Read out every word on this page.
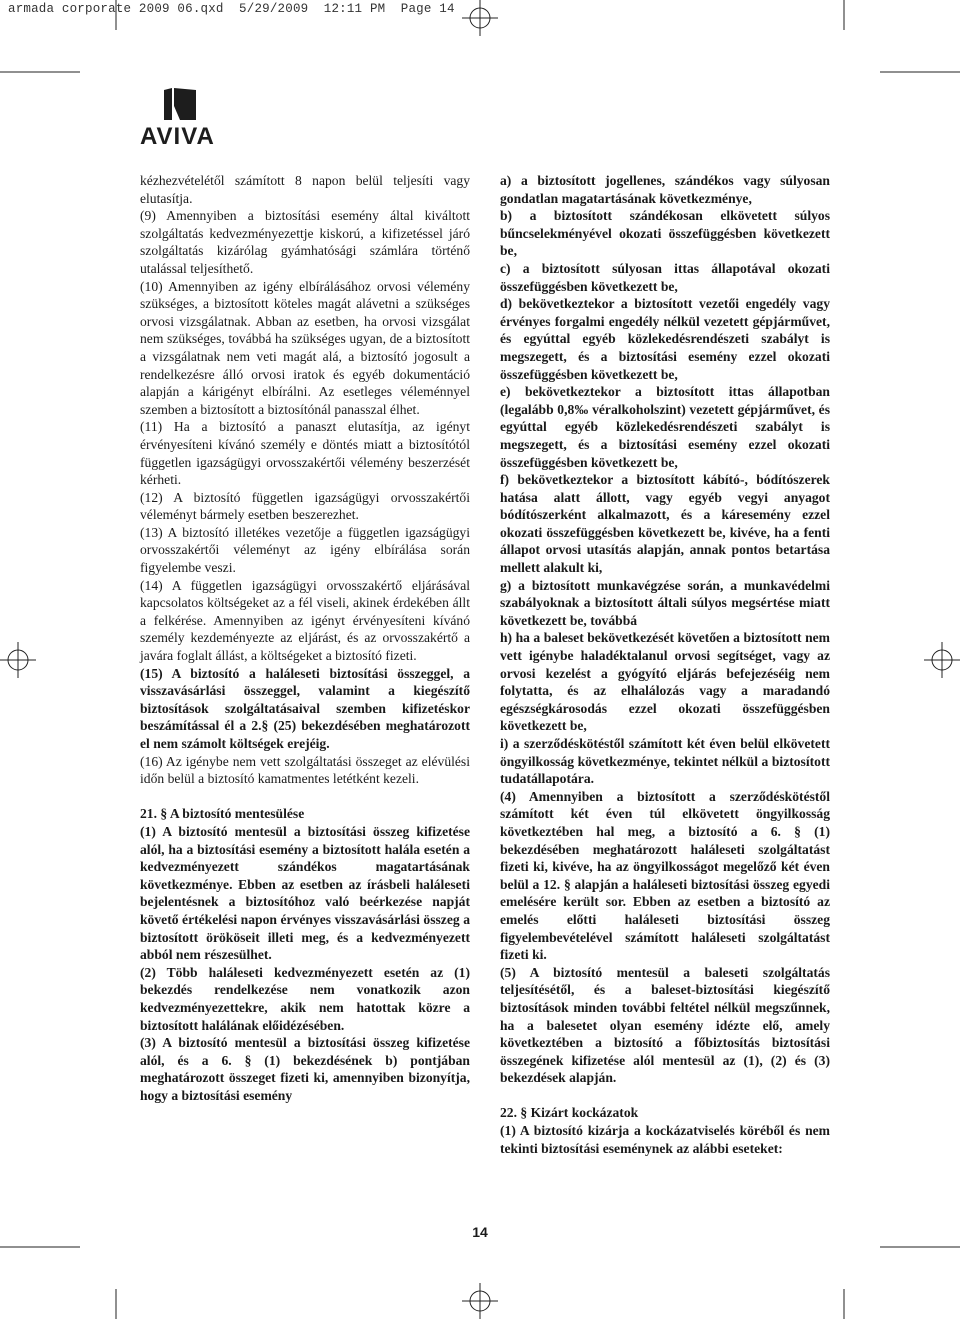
armada corporate 2009 06.qxd  5/29/2009  12:11 PM  Page 14
AVIVA

kézhezvételétől számított 8 napon belül teljesíti vagy elutasítja.

(9) Amennyiben a biztosítási esemény által kiváltott szolgáltatás kedvezményezettje kiskorú, a kifizetéssel járó szolgáltatás kizárólag gyámhatósági számlára történő utalással teljesíthető.

(10) Amennyiben az igény elbírálásához orvosi vélemény szükséges, a biztosított köteles magát alávetni a szükséges orvosi vizsgálatnak. Abban az esetben, ha orvosi vizsgálat nem szükséges, továbbá ha szükséges ugyan, de a biztosított a vizsgálatnak nem veti magát alá, a biztosító jogosult a rendelkezésre álló orvosi iratok és egyéb dokumentáció alapján a kárigényt elbírálni. Az esetleges véleménnyel szemben a biztosított a biztosítónál panasszal élhet.

(11) Ha a biztosító a panaszt elutasítja, az igényt érvényesíteni kívánó személy e döntés miatt a biztosítótól független igazságügyi orvosszakértői vélemény beszerzését kérheti.

(12) A biztosító független igazságügyi orvosszakértői véleményt bármely esetben beszerezhet.

(13) A biztosító illetékes vezetője a független igazságügyi orvosszakértői véleményt az igény elbírálása során figyelembe veszi.

(14) A független igazságügyi orvosszakértő eljárásával kapcsolatos költségeket az a fél viseli, akinek érdekében állt a felkérése. Amennyiben az igényt érvényesíteni kívánó személy kezdeményezte az eljárást, és az orvosszakértő a javára foglalt állást, a költségeket a biztosító fizeti.

(15) A biztosító a haláleseti biztosítási összeggel, a visszavásárlási összeggel, valamint a kiegészítő biztosítások szolgáltatásaival szemben kifizetéskor beszámítással él a 2.§ (25) bekezdésében meghatározott el nem számolt költségek erejéig.

(16) Az igénybe nem vett szolgáltatási összeget az elévülési időn belül a biztosító kamatmentes letétként kezeli.

21. § A biztosító mentesülése

(1) A biztosító mentesül a biztosítási összeg kifizetése alól, ha a biztosítási esemény a biztosított halála esetén a kedvezményezett szándékos magatartásának következménye. Ebben az esetben az írásbeli haláleseti bejelentésnek a biztosítóhoz való beérkezése napját követő értékelési napon érvényes visszavásárlási összeg a biztosított örököseit illeti meg, és a kedvezményezett abból nem részesülhet.

(2) Több haláleseti kedvezményezett esetén az (1) bekezdés rendelkezése nem vonatkozik azon kedvezményezettekre, akik nem hatottak közre a biztosított halálának előidézésében.

(3) A biztosító mentesül a biztosítási összeg kifizetése alól, és a 6. § (1) bekezdésének b) pontjában meghatározott összeget fizeti ki, amennyiben bizonyítja, hogy a biztosítási esemény

a) a biztosított jogellenes, szándékos vagy súlyosan gondatlan magatartásának következménye,

b) a biztosított szándékosan elkövetett súlyos bűncselekményével okozati összefüggésben következett be,

c) a biztosított súlyosan ittas állapotával okozati összefüggésben következett be,

d) bekövetkeztekor a biztosított vezetői engedély vagy érvényes forgalmi engedély nélkül vezetett gépjárművet, és egyúttal egyéb közlekedésrendészeti szabályt is megszegett, és a biztosítási esemény ezzel okozati összefüggésben következett be,

e) bekövetkeztekor a biztosított ittas állapotban (legalább 0,8‰ véralkoholszint) vezetett gépjárművet, és egyúttal egyéb közlekedésrendészeti szabályt is megszegett, és a biztosítási esemény ezzel okozati összefüggésben következett be,

f) bekövetkeztekor a biztosított kábító-, bódítószerek hatása alatt állott, vagy egyéb vegyi anyagot bódítószerként alkalmazott, és a káresemény ezzel okozati összefüggésben következett be, kivéve, ha a fenti állapot orvosi utasítás alapján, annak pontos betartása mellett alakult ki,

g) a biztosított munkavégzése során, a munkavédelmi szabályoknak a biztosított általi súlyos megsértése miatt következett be, továbbá

h) ha a baleset bekövetkezését követően a biztosított nem vett igénybe haladéktalanul orvosi segítséget, vagy az orvosi kezelést a gyógyító eljárás befejezéséig nem folytatta, és az elhalálozás vagy a maradandó egészségkárosodás ezzel okozati összefüggésben következett be,

i) a szerződéskötéstől számított két éven belül elkövetett öngyilkosság következménye, tekintet nélkül a biztosított tudatállapotára.

(4) Amennyiben a biztosított a szerződéskötéstől számított két éven túl elkövetett öngyilkosság következtében hal meg, a biztosító a 6. § (1) bekezdésében meghatározott haláleseti szolgáltatást fizeti ki, kivéve, ha az öngyilkosságot megelőző két éven belül a 12. § alapján a haláleseti biztosítási összeg egyedi emelésére került sor. Ebben az esetben a biztosító az emelés előtti haláleseti biztosítási összeg figyelembevételével számított haláleseti szolgáltatást fizeti ki.

(5) A biztosító mentesül a baleseti szolgáltatás teljesítésétől, és a baleset-biztosítási kiegészítő biztosítások minden további feltétel nélkül megszűnnek, ha a balesetet olyan esemény idézte elő, amely következtében a biztosító a főbiztosítás biztosítási összegének kifizetése alól mentesül az (1), (2) és (3) bekezdések alapján.

22. § Kizárt kockázatok

(1) A biztosító kizárja a kockázatviselés köréből és nem tekinti biztosítási eseménynek az alábbi eseteket:

14
